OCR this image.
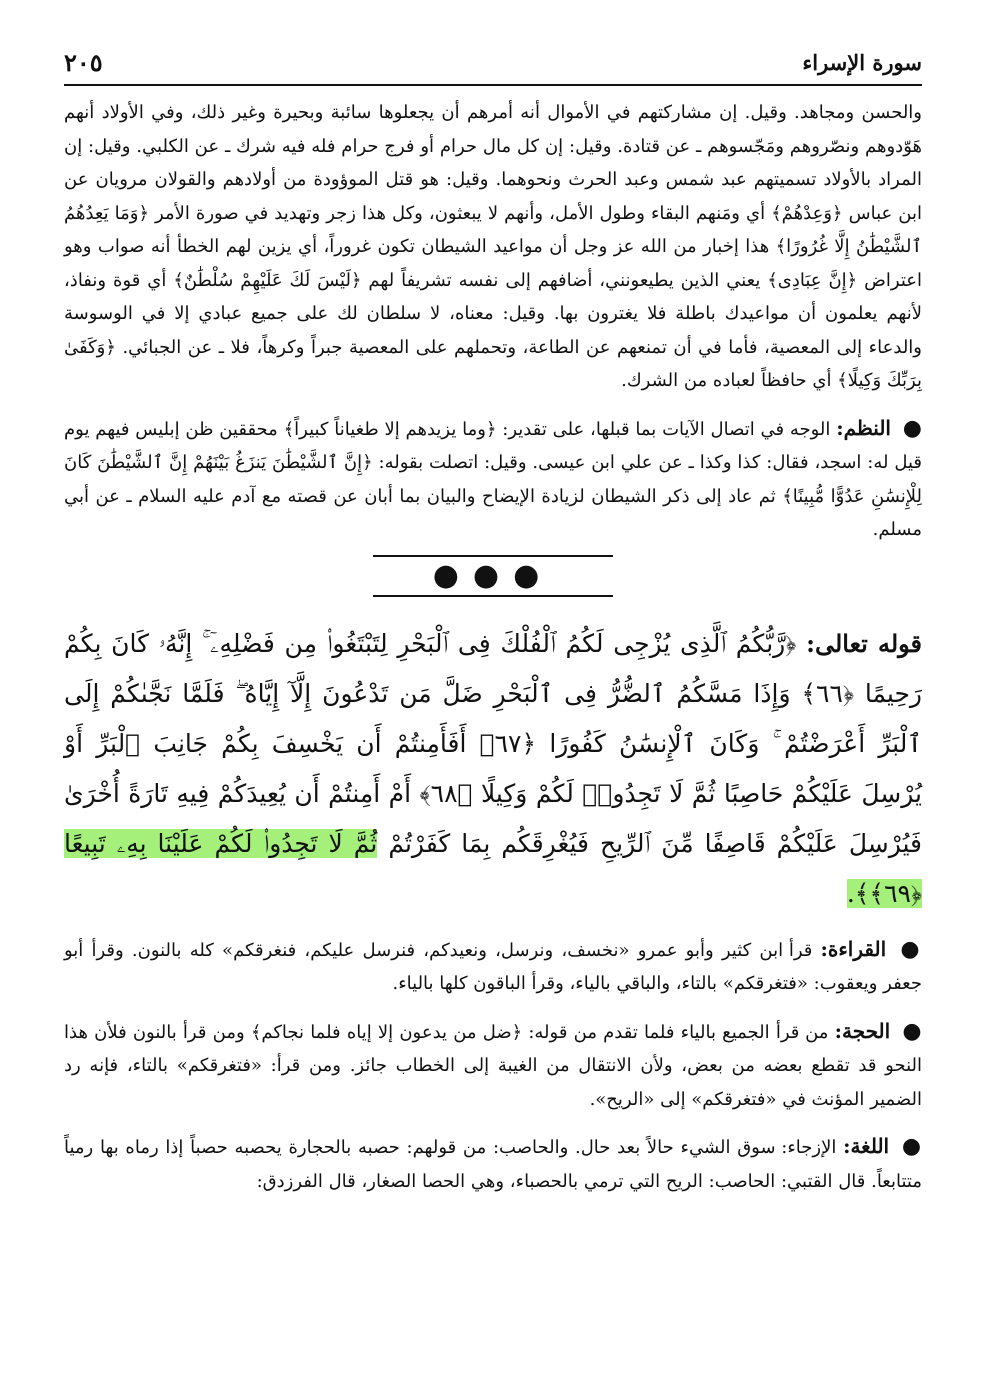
سورة الإسراء
٢٠٥

والحسن ومجاهد. وقيل. إن مشاركتهم في الأموال أنه أمرهم أن يجعلوها سائبة وبحيرة وغير ذلك، وفي الأولاد أنهم هَوّدوهم ونصّروهم ومَجّسوهم ـ عن قتادة. وقيل: إن كل مال حرام أو فرج حرام فله فيه شرك ـ عن الكلبي. وقيل: إن المراد بالأولاد تسميتهم عبد شمس وعبد الحرث ونحوهما. وقيل: هو قتل الموؤودة من أولادهم والقولان مرويان عن ابن عباس ﴿وَعِدْهُمْ﴾ أي ومَنهم البقاء وطول الأمل، وأنهم لا يبعثون، وكل هذا زجر وتهديد في صورة الأمر ﴿وَمَا يَعِدُهُمُ ٱلشَّيْطَٰنُ إِلَّا غُرُورًا﴾ هذا إخبار من الله عز وجل أن مواعيد الشيطان تكون غروراً، أي يزين لهم الخطأ أنه صواب وهو اعتراض ﴿إِنَّ عِبَادِى﴾ يعني الذين يطيعونني، أضافهم إلى نفسه تشريفاً لهم ﴿لَيْسَ لَكَ عَلَيْهِمْ سُلْطَٰنٌ﴾ أي قوة ونفاذ، لأنهم يعلمون أن مواعيدك باطلة فلا يغترون بها. وقيل: معناه، لا سلطان لك على جميع عبادي إلا في الوسوسة والدعاء إلى المعصية، فأما في أن تمنعهم عن الطاعة، وتحملهم على المعصية جبراً وكرهاً، فلا ـ عن الجبائي. ﴿وَكَفَىٰ بِرَبِّكَ وَكِيلًا﴾ أي حافظاً لعباده من الشرك.

● النظم: الوجه في اتصال الآيات بما قبلها، على تقدير: ﴿وما يزيدهم إلا طغياناً كبيراً﴾ محققين ظن إبليس فيهم يوم قيل له: اسجد، فقال: كذا وكذا ـ عن علي ابن عيسى. وقيل: اتصلت بقوله: ﴿إِنَّ ٱلشَّيْطَٰنَ يَنزَغُ بَيْنَهُمْ إِنَّ ٱلشَّيْطَٰنَ كَانَ لِلْإِنسَٰنِ عَدُوًّا مُّبِينًا﴾ ثم عاد إلى ذكر الشيطان لزيادة الإيضاح والبيان بما أبان عن قصته مع آدم عليه السلام ـ عن أبي مسلم.

●●●

قوله تعالى: ﴿رَّبُّكُمُ ٱلَّذِى يُزْجِى لَكُمُ ٱلْفُلْكَ فِى ٱلْبَحْرِ لِتَبْتَغُوا۟ مِن فَضْلِهِۦٓ ۚ إِنَّهُۥ كَانَ بِكُمْ رَحِيمًا ﴿٦٦﴾ وَإِذَا مَسَّكُمُ ٱلضُّرُّ فِى ٱلْبَحْرِ ضَلَّ مَن تَدْعُونَ إِلَّآ إِيَّاهُ ۖ فَلَمَّا نَجَّىٰكُمْ إِلَى ٱلْبَرِّ أَعْرَضْتُمْ ۚ وَكَانَ ٱلْإِنسَٰنُ كَفُورًا ﴿٦٧﴾ أَفَأَمِنتُمْ أَن يَخْسِفَ بِكُمْ جَانِبَ ٱلْبَرِّ أَوْ يُرْسِلَ عَلَيْكُمْ حَاصِبًا ثُمَّ لَا تَجِدُوا۟ لَكُمْ وَكِيلًا ﴿٦٨﴾ أَمْ أَمِنتُمْ أَن يُعِيدَكُمْ فِيهِ تَارَةً أُخْرَىٰ فَيُرْسِلَ عَلَيْكُمْ قَاصِفًا مِّنَ ٱلرِّيحِ فَيُغْرِقَكُم بِمَا كَفَرْتُمْ ثُمَّ لَا تَجِدُوا۟ لَكُمْ عَلَيْنَا بِهِۦ تَبِيعًا ﴿٦٩﴾﴾.

● القراءة: قرأ ابن كثير وأبو عمرو «نخسف، ونرسل، ونعيدكم، فنرسل عليكم، فنغرقكم» كله بالنون. وقرأ أبو جعفر ويعقوب: «فتغرقكم» بالتاء، والباقي بالياء، وقرأ الباقون كلها بالياء.

● الحجة: من قرأ الجميع بالياء فلما تقدم من قوله: ﴿ضل من يدعون إلا إياه فلما نجاكم﴾ ومن قرأ بالنون فلأن هذا النحو قد تقطع بعضه من بعض، ولأن الانتقال من الغيبة إلى الخطاب جائز. ومن قرأ: «فتغرقكم» بالتاء، فإنه رد الضمير المؤنث في «فتغرقكم» إلى «الريح».

● اللغة: الإزجاء: سوق الشيء حالاً بعد حال. والحاصب: من قولهم: حصبه بالحجارة يحصبه حصباً إذا رماه بها رمياً متتابعاً. قال القتبي: الحاصب: الريح التي ترمي بالحصباء، وهي الحصا الصغار، قال الفرزدق:
